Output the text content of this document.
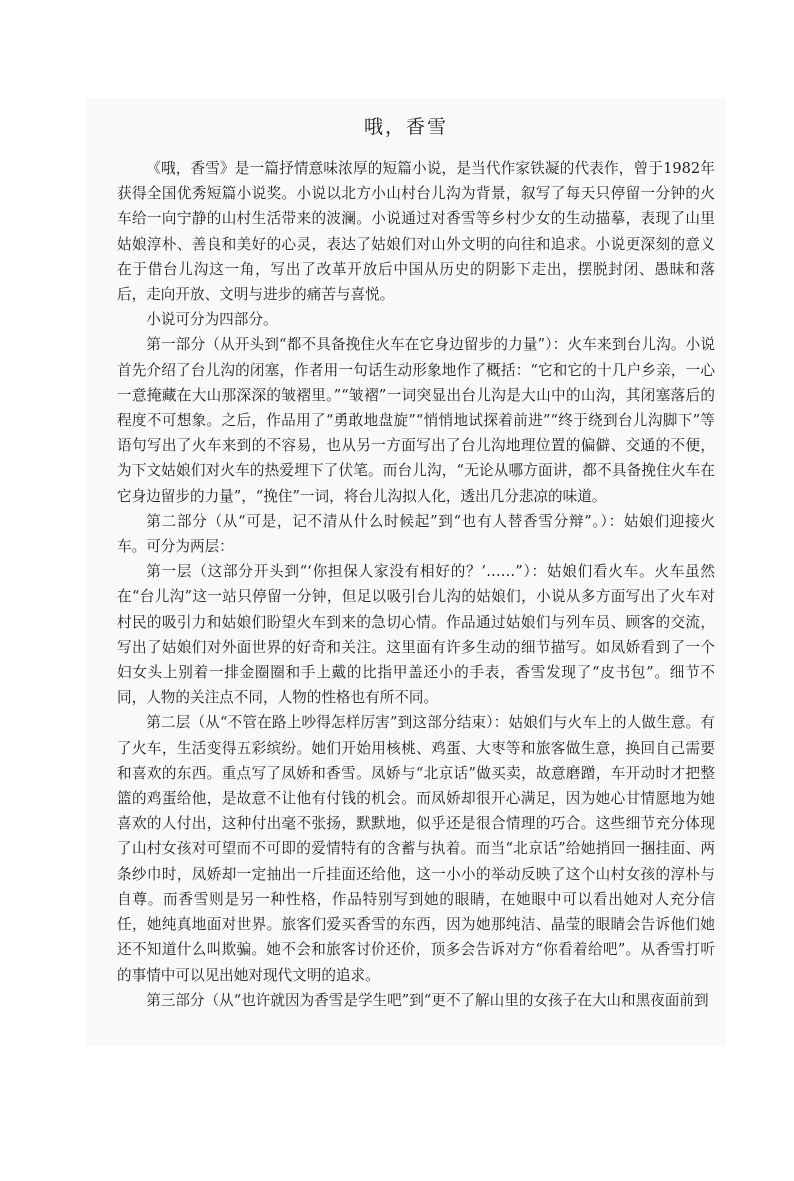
哦，香雪

《哦，香雪》是一篇抒情意味浓厚的短篇小说，是当代作家铁凝的代表作，曾于1982年获得全国优秀短篇小说奖。小说以北方小山村台儿沟为背景，叙写了每天只停留一分钟的火车给一向宁静的山村生活带来的波澜。小说通过对香雪等乡村少女的生动描摹，表现了山里姑娘淳朴、善良和美好的心灵，表达了姑娘们对山外文明的向往和追求。小说更深刻的意义在于借台儿沟这一角，写出了改革开放后中国从历史的阴影下走出，摆脱封闭、愚昧和落后，走向开放、文明与进步的痛苦与喜悦。

小说可分为四部分。

第一部分（从开头到“都不具备挽住火车在它身边留步的力量”）：火车来到台儿沟。小说首先介绍了台儿沟的闭塞，作者用一句话生动形象地作了概括：“它和它的十几户乡亲，一心一意掩藏在大山那深深的皱褶里。”“皱褶”一词突显出台儿沟是大山中的山沟，其闭塞落后的程度不可想象。之后，作品用了“勇敢地盘旋”“悄悄地试探着前进”“终于绕到台儿沟脚下”等语句写出了火车来到的不容易，也从另一方面写出了台儿沟地理位置的偏僻、交通的不便，为下文姑娘们对火车的热爱埋下了伏笔。而台儿沟，“无论从哪方面讲，都不具备挽住火车在它身边留步的力量”，“挽住”一词，将台儿沟拟人化，透出几分悲凉的味道。

第二部分（从“可是，记不清从什么时候起”到“也有人替香雪分辩”。）：姑娘们迎接火车。可分为两层：

第一层（这部分开头到“‘你担保人家没有相好的？’……”）：姑娘们看火车。火车虽然在“台儿沟”这一站只停留一分钟，但足以吸引台儿沟的姑娘们，小说从多方面写出了火车对村民的吸引力和姑娘们盼望火车到来的急切心情。作品通过姑娘们与列车员、顾客的交流，写出了姑娘们对外面世界的好奇和关注。这里面有许多生动的细节描写。如凤娇看到了一个妇女头上别着一排金圈圈和手上戴的比指甲盖还小的手表，香雪发现了“皮书包”。细节不同，人物的关注点不同，人物的性格也有所不同。

第二层（从“不管在路上吵得怎样厉害”到这部分结束）：姑娘们与火车上的人做生意。有了火车，生活变得五彩缤纷。她们开始用核桃、鸡蛋、大枣等和旅客做生意，换回自己需要和喜欢的东西。重点写了凤娇和香雪。凤娇与“北京话”做买卖，故意磨蹭，车开动时才把整篮的鸡蛋给他，是故意不让他有付钱的机会。而凤娇却很开心满足，因为她心甘情愿地为她喜欢的人付出，这种付出毫不张扬，默默地，似乎还是很合情理的巧合。这些细节充分体现了山村女孩对可望而不可即的爱情特有的含蓄与执着。而当“北京话”给她捎回一捆挂面、两条纱巾时，凤娇却一定抽出一斤挂面还给他，这一小小的举动反映了这个山村女孩的淳朴与自尊。而香雪则是另一种性格，作品特别写到她的眼睛，在她眼中可以看出她对人充分信任，她纯真地面对世界。旅客们爱买香雪的东西，因为她那纯洁、晶莹的眼睛会告诉他们她还不知道什么叫欺骗。她不会和旅客讨价还价，顶多会告诉对方“你看着给吧”。从香雪打听的事情中可以见出她对现代文明的追求。

第三部分（从“也许就因为香雪是学生吧”到“更不了解山里的女孩子在大山和黑夜面前到
